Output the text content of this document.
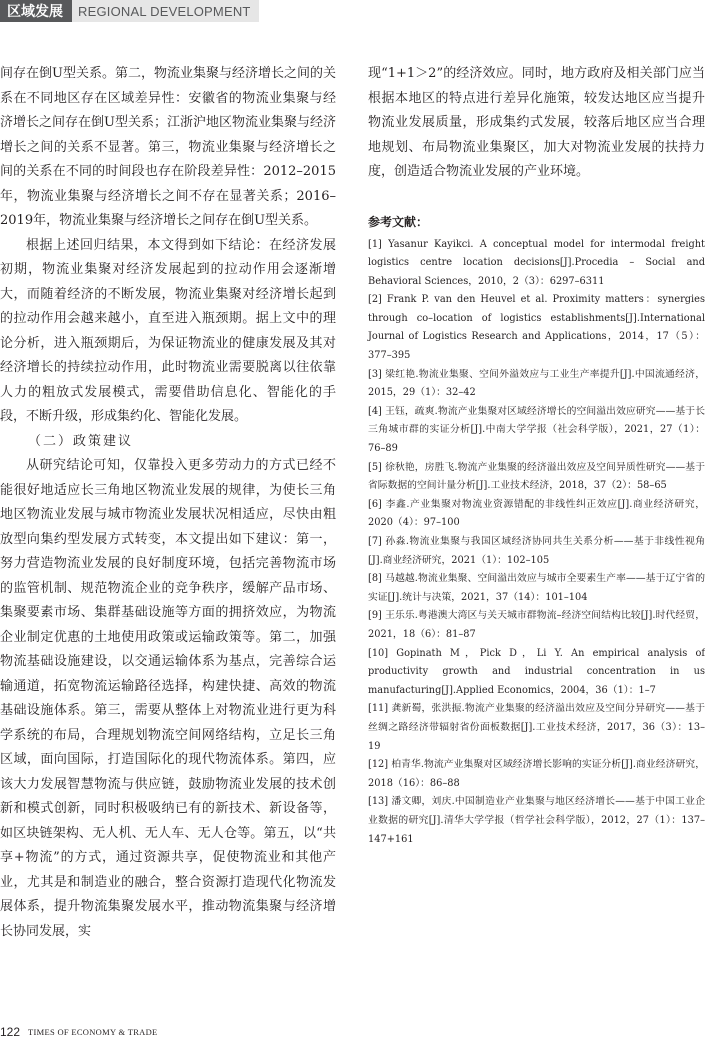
区域发展	REGIONAL DEVELOPMENT

间存在倒U型关系。第二，物流业集聚与经济增长之间的关系在不同地区存在区域差异性：安徽省的物流业集聚与经济增长之间存在倒U型关系；江浙沪地区物流业集聚与经济增长之间的关系不显著。第三，物流业集聚与经济增长之间的关系在不同的时间段也存在阶段差异性：2012–2015年，物流业集聚与经济增长之间不存在显著关系；2016–2019年，物流业集聚与经济增长之间存在倒U型关系。

根据上述回归结果，本文得到如下结论：在经济发展初期，物流业集聚对经济发展起到的拉动作用会逐渐增大，而随着经济的不断发展，物流业集聚对经济增长起到的拉动作用会越来越小，直至进入瓶颈期。据上文中的理论分析，进入瓶颈期后，为保证物流业的健康发展及其对经济增长的持续拉动作用，此时物流业需要脱离以往依靠人力的粗放式发展模式，需要借助信息化、智能化的手段，不断升级，形成集约化、智能化发展。

（二）政策建议

从研究结论可知，仅靠投入更多劳动力的方式已经不能很好地适应长三角地区物流业发展的规律，为使长三角地区物流业发展与城市物流业发展状况相适应，尽快由粗放型向集约型发展方式转变，本文提出如下建议：第一，努力营造物流业发展的良好制度环境，包括完善物流市场的监管机制、规范物流企业的竞争秩序，缓解产品市场、集聚要素市场、集群基础设施等方面的拥挤效应，为物流企业制定优惠的土地使用政策或运输政策等。第二，加强物流基础设施建设，以交通运输体系为基点，完善综合运输通道，拓宽物流运输路径选择，构建快捷、高效的物流基础设施体系。第三，需要从整体上对物流业进行更为科学系统的布局，合理规划物流空间网络结构，立足长三角区域，面向国际，打造国际化的现代物流体系。第四，应该大力发展智慧物流与供应链，鼓励物流业发展的技术创新和模式创新，同时积极吸纳已有的新技术、新设备等，如区块链架构、无人机、无人车、无人仓等。第五，以“共享+物流”的方式，通过资源共享，促使物流业和其他产业，尤其是和制造业的融合，整合资源打造现代化物流发展体系，提升物流集聚发展水平，推动物流集聚与经济增长协同发展，实

现“1+1＞2”的经济效应。同时，地方政府及相关部门应当根据本地区的特点进行差异化施策，较发达地区应当提升物流业发展质量，形成集约式发展，较落后地区应当合理地规划、布局物流业集聚区，加大对物流业发展的扶持力度，创造适合物流业发展的产业环境。

参考文献：

[1] Yasanur Kayikci. A conceptual model for intermodal freight logistics centre location decisions[J].Procedia – Social and Behavioral Sciences，2010，2（3）：6297–6311

[2] Frank P. van den Heuvel et al. Proximity matters：synergies through co–location of logistics establishments[J].International Journal of Logistics Research and Applications，2014，17（5）：377–395

[3] 梁红艳.物流业集聚、空间外溢效应与工业生产率提升[J].中国流通经济，2015，29（1）：32–42

[4] 王钰，疏爽.物流产业集聚对区域经济增长的空间溢出效应研究——基于长三角城市群的实证分析[J].中南大学学报（社会科学版），2021，27（1）：76–89

[5] 徐秋艳，房胜飞.物流产业集聚的经济溢出效应及空间异质性研究——基于省际数据的空间计量分析[J].工业技术经济，2018，37（2）：58–65

[6] 李鑫.产业集聚对物流业资源错配的非线性纠正效应[J].商业经济研究，2020（4）：97–100

[7] 孙淼.物流业集聚与我国区域经济协同共生关系分析——基于非线性视角[J].商业经济研究，2021（1）：102–105

[8] 马越越.物流业集聚、空间溢出效应与城市全要素生产率——基于辽宁省的实证[J].统计与决策，2021，37（14）：101–104

[9] 王乐乐.粤港澳大湾区与关天城市群物流–经济空间结构比较[J].时代经贸，2021，18（6）：81–87

[10] Gopinath M，Pick D，Li Y. An empirical analysis of productivity growth and industrial concentration in us manufacturing[J].Applied Economics，2004，36（1）：1–7

[11] 龚新蜀，张洪振.物流产业集聚的经济溢出效应及空间分异研究——基于丝绸之路经济带辐射省份面板数据[J].工业技术经济，2017，36（3）：13–19

[12] 柏青华.物流产业集聚对区域经济增长影响的实证分析[J].商业经济研究，2018（16）：86–88

[13] 潘文卿，刘庆.中国制造业产业集聚与地区经济增长——基于中国工业企业数据的研究[J].清华大学学报（哲学社会科学版），2012，27（1）：137–147+161

122 TIMES OF ECONOMY & TRADE
